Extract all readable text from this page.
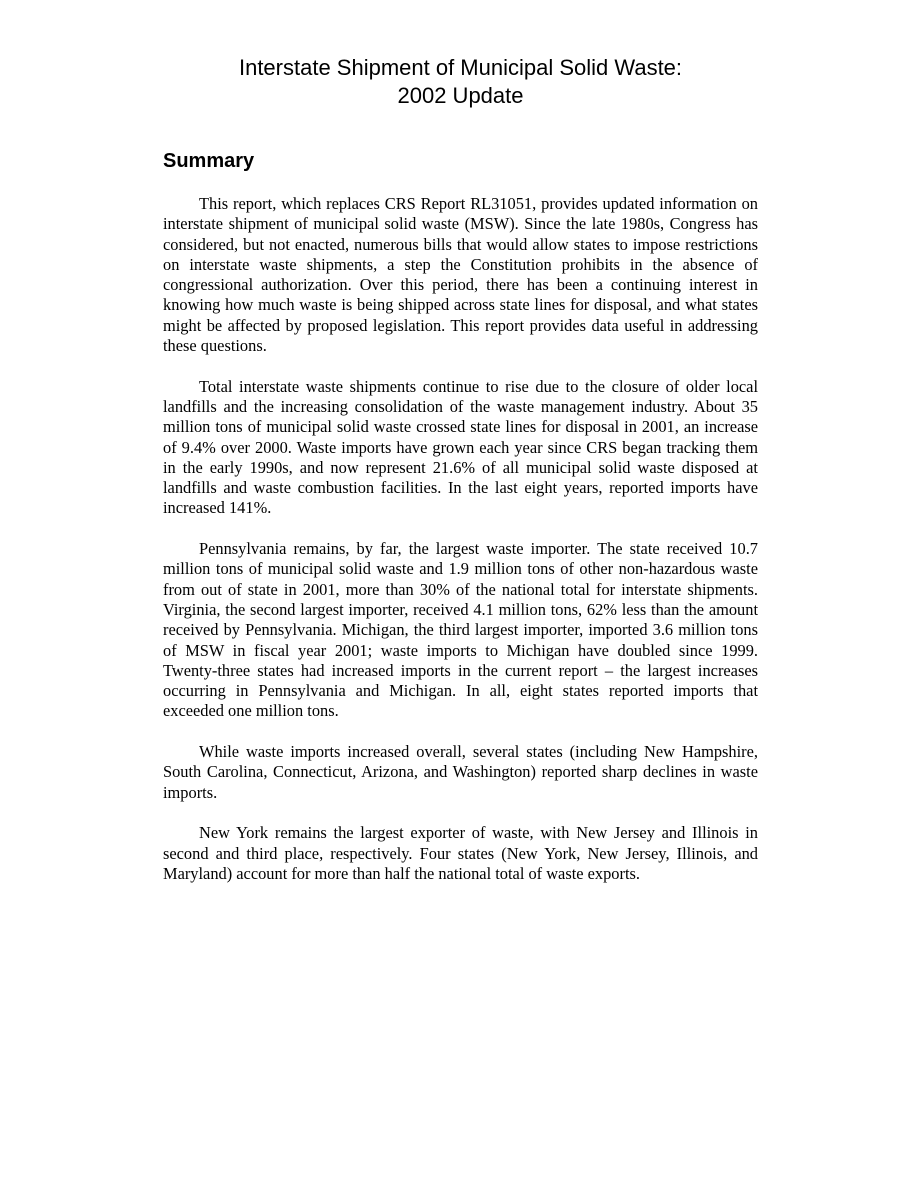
Interstate Shipment of Municipal Solid Waste:
2002 Update
Summary

This report, which replaces CRS Report RL31051, provides updated information on interstate shipment of municipal solid waste (MSW). Since the late 1980s, Congress has considered, but not enacted, numerous bills that would allow states to impose restrictions on interstate waste shipments, a step the Constitution prohibits in the absence of congressional authorization. Over this period, there has been a continuing interest in knowing how much waste is being shipped across state lines for disposal, and what states might be affected by proposed legislation. This report provides data useful in addressing these questions.

Total interstate waste shipments continue to rise due to the closure of older local landfills and the increasing consolidation of the waste management industry. About 35 million tons of municipal solid waste crossed state lines for disposal in 2001, an increase of 9.4% over 2000. Waste imports have grown each year since CRS began tracking them in the early 1990s, and now represent 21.6% of all municipal solid waste disposed at landfills and waste combustion facilities. In the last eight years, reported imports have increased 141%.

Pennsylvania remains, by far, the largest waste importer. The state received 10.7 million tons of municipal solid waste and 1.9 million tons of other non-hazardous waste from out of state in 2001, more than 30% of the national total for interstate shipments. Virginia, the second largest importer, received 4.1 million tons, 62% less than the amount received by Pennsylvania. Michigan, the third largest importer, imported 3.6 million tons of MSW in fiscal year 2001; waste imports to Michigan have doubled since 1999. Twenty-three states had increased imports in the current report – the largest increases occurring in Pennsylvania and Michigan. In all, eight states reported imports that exceeded one million tons.

While waste imports increased overall, several states (including New Hampshire, South Carolina, Connecticut, Arizona, and Washington) reported sharp declines in waste imports.

New York remains the largest exporter of waste, with New Jersey and Illinois in second and third place, respectively. Four states (New York, New Jersey, Illinois, and Maryland) account for more than half the national total of waste exports.
